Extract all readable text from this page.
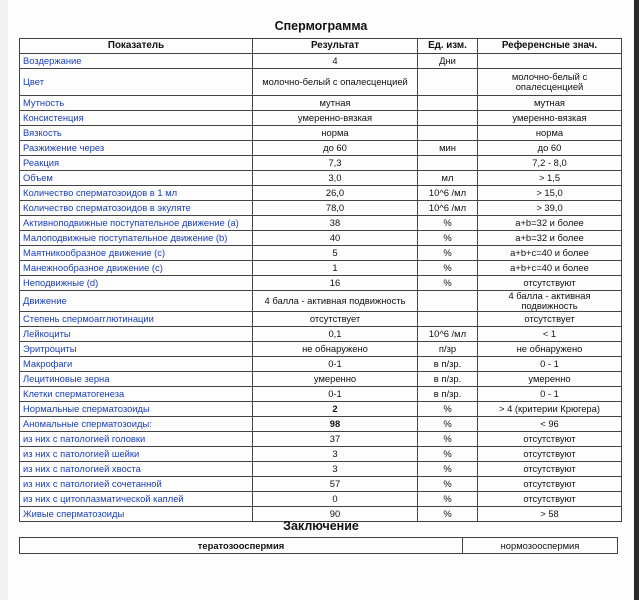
Спермограмма
Показатель	Результат	Ед. изм.	Референсные знач.
Воздержание	4	Дни	
Цвет	молочно-белый с опалесценцией		молочно-белый с опалесценцией
Мутность	мутная		мутная
Консистенция	умеренно-вязкая		умеренно-вязкая
Вязкость	норма		норма
Разжижение через	до 60	мин	до 60
Реакция	7,3		7,2 - 8,0
Объем	3,0	мл	> 1,5
Количество сперматозоидов в 1 мл	26,0	10^6 /мл	> 15,0
Количество сперматозоидов в экуляте	78,0	10^6 /мл	> 39,0
Активноподвижные поступательное движение (a)	38	%	a+b=32 и более
Малоподвижные поступательное движение (b)	40	%	a+b=32 и более
Маятникообразное движение (c)	5	%	a+b+c=40 и более
Манежнообразное движение (c)	1	%	a+b+c=40 и более
Неподвижные (d)	16	%	отсутствуют
Движение	4 балла - активная подвижность		4 балла - активная подвижность
Степень спермоагглютинации	отсутствует		отсутствует
Лейкоциты	0,1	10^6 /мл	< 1
Эритроциты	не обнаружено	п/зр	не обнаружено
Макрофаги	0-1	в п/зр.	0 - 1
Лецитиновые зерна	умеренно	в п/зр.	умеренно
Клетки сперматогенеза	0-1	в п/зр.	0 - 1
Нормальные сперматозоиды	2	%	> 4 (критерии Крюгера)
Аномальные сперматозоиды:	98	%	< 96
из них с патологией головки	37	%	отсутствуют
из них с патологией шейки	3	%	отсутствуют
из них с патологией хвоста	3	%	отсутствуют
из них с патологией сочетанной	57	%	отсутствуют
из них с цитоплазматической каплей	0	%	отсутствуют
Живые сперматозоиды	90	%	> 58
Заключение
тератозооспермия	нормозооспермия
